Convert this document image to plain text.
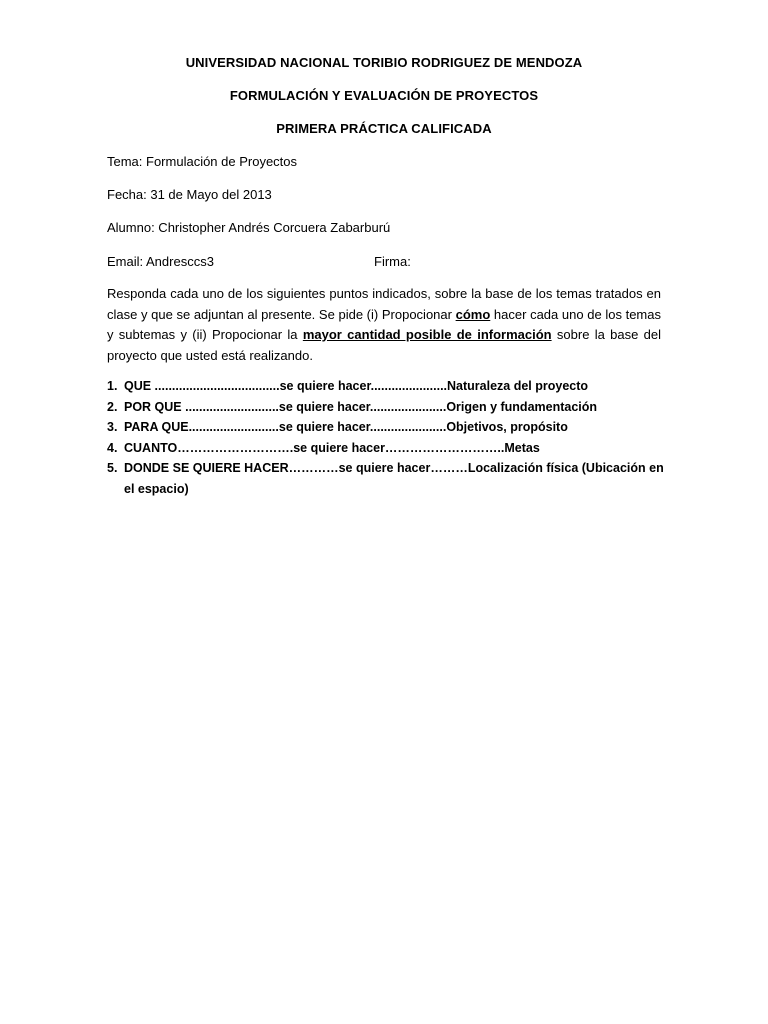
UNIVERSIDAD NACIONAL TORIBIO RODRIGUEZ DE MENDOZA
FORMULACIÓN Y EVALUACIÓN DE PROYECTOS
PRIMERA PRÁCTICA CALIFICADA
Tema: Formulación de Proyectos
Fecha: 31 de Mayo del 2013
Alumno: Christopher Andrés Corcuera Zabarburú
Email: Andresccs3	Firma:
Responda cada uno de los siguientes puntos indicados, sobre la base de los temas tratados en clase y que se adjuntan al presente. Se pide (i) Propocionar cómo hacer cada uno de los temas y subtemas y (ii) Propocionar la mayor cantidad posible de información sobre la base del proyecto que usted está realizando.
1. QUE ....................................se quiere hacer......................Naturaleza del proyecto
2. POR QUE ...........................se quiere hacer......................Origen y fundamentación
3. PARA QUE..........................se quiere hacer......................Objetivos, propósito
4. CUANTO……………………….se quiere hacer………………………..Metas
5. DONDE SE QUIERE HACER…………se quiere hacer………Localización física (Ubicación en el espacio)
